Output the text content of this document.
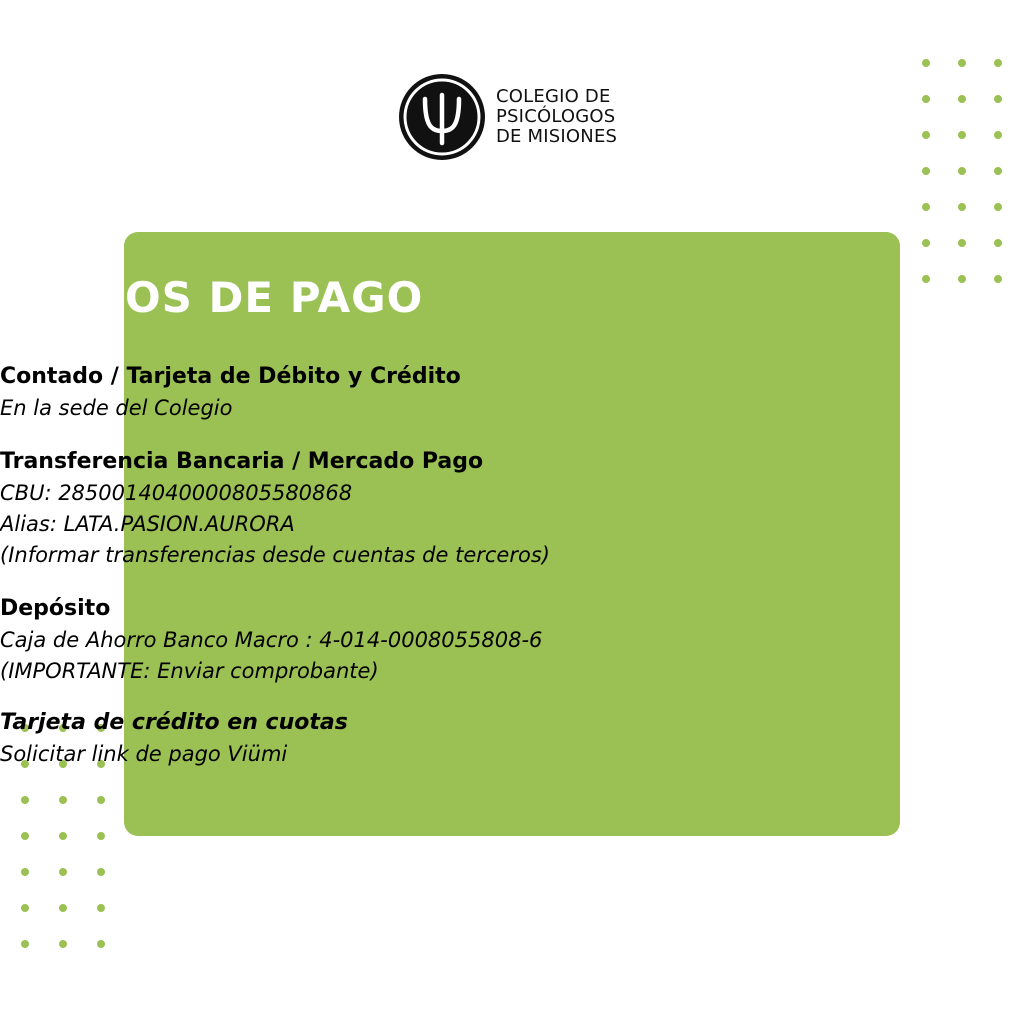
COLEGIO DE
PSICÓLOGOS
DE MISIONES
MEDIOS DE PAGO
Contado / Tarjeta de Débito y Crédito
En la sede del Colegio
Transferencia Bancaria / Mercado Pago
CBU: 2850014040000805580868
Alias: LATA.PASION.AURORA
(Informar transferencias desde cuentas de terceros)
Depósito
Caja de Ahorro Banco Macro : 4-014-0008055808-6
(IMPORTANTE: Enviar comprobante)
Tarjeta de crédito en cuotas
Solicitar link de pago Viümi
